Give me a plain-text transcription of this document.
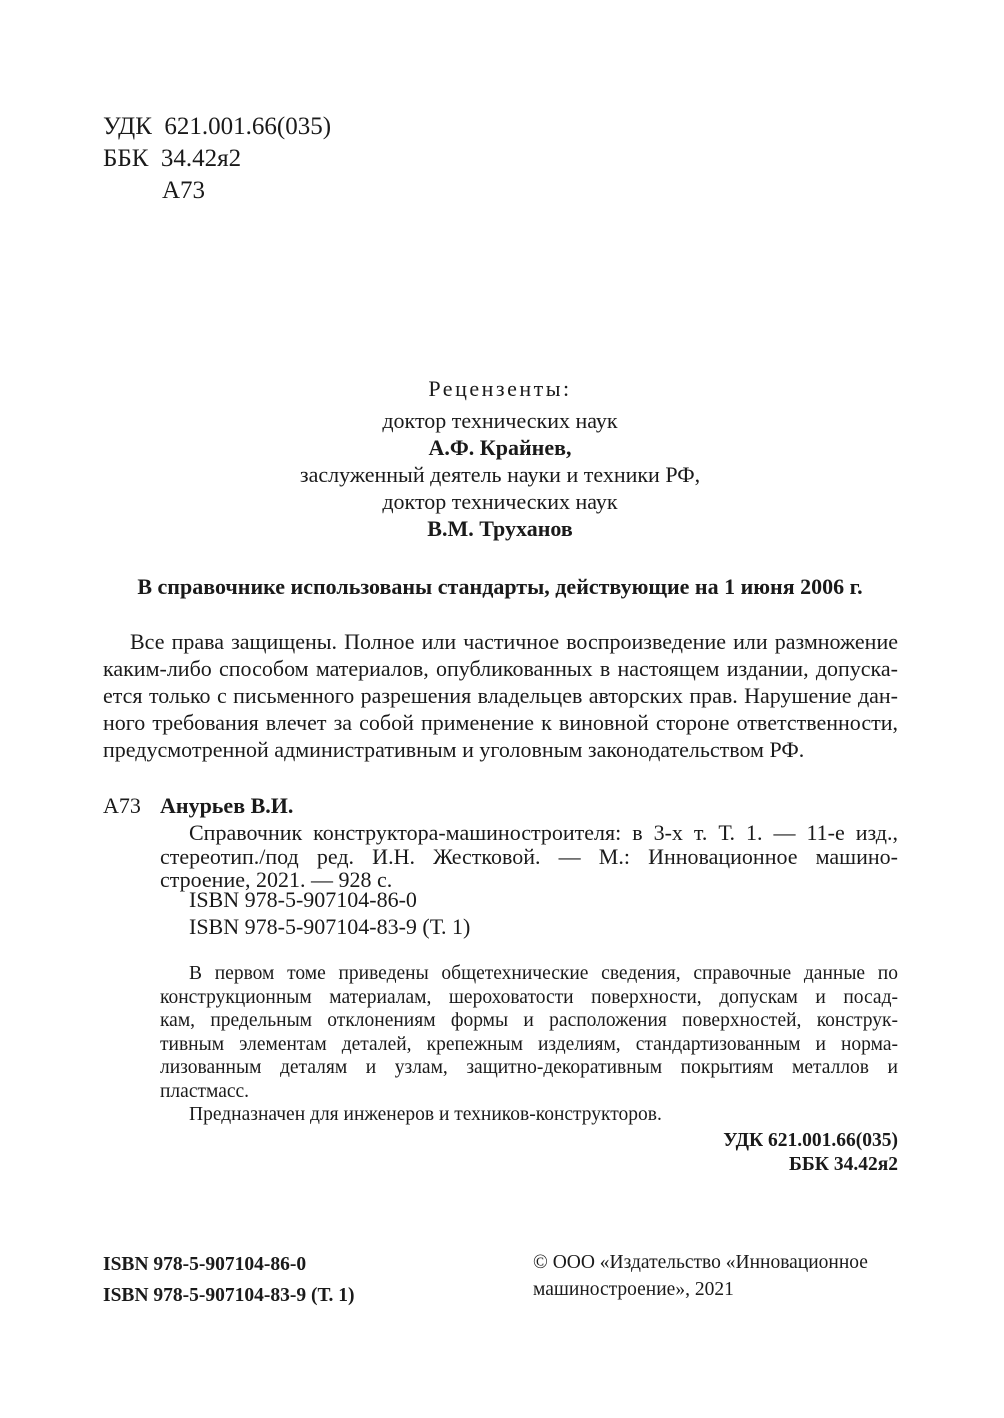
УДК 621.001.66(035)
ББК 34.42я2
А73
Рецензенты:
доктор технических наук
А.Ф. Крайнев,
заслуженный деятель науки и техники РФ,
доктор технических наук
В.М. Труханов
В справочнике использованы стандарты, действующие на 1 июня 2006 г.
Все права защищены. Полное или частичное воспроизведение или размножение
каким-либо способом материалов, опубликованных в настоящем издании, допуска-
ется только с письменного разрешения владельцев авторских прав. Нарушение дан-
ного требования влечет за собой применение к виновной стороне ответственности,
предусмотренной административным и уголовным законодательством РФ.
А73 Анурьев В.И.
Справочник конструктора-машиностроителя: в 3-х т. Т. 1. — 11-е изд.,
стереотип./под ред. И.Н. Жестковой. — М.: Инновационное машино-
строение, 2021. — 928 с.
ISBN 978-5-907104-86-0
ISBN 978-5-907104-83-9 (Т. 1)
В первом томе приведены общетехнические сведения, справочные данные по
конструкционным материалам, шероховатости поверхности, допускам и посад-
кам, предельным отклонениям формы и расположения поверхностей, конструк-
тивным элементам деталей, крепежным изделиям, стандартизованным и норма-
лизованным деталям и узлам, защитно-декоративным покрытиям металлов и
пластмасс.
Предназначен для инженеров и техников-конструкторов.
УДК 621.001.66(035)
ББК 34.42я2
ISBN 978-5-907104-86-0
ISBN 978-5-907104-83-9 (Т. 1)
© ООО «Издательство «Инновационное
машиностроение», 2021
